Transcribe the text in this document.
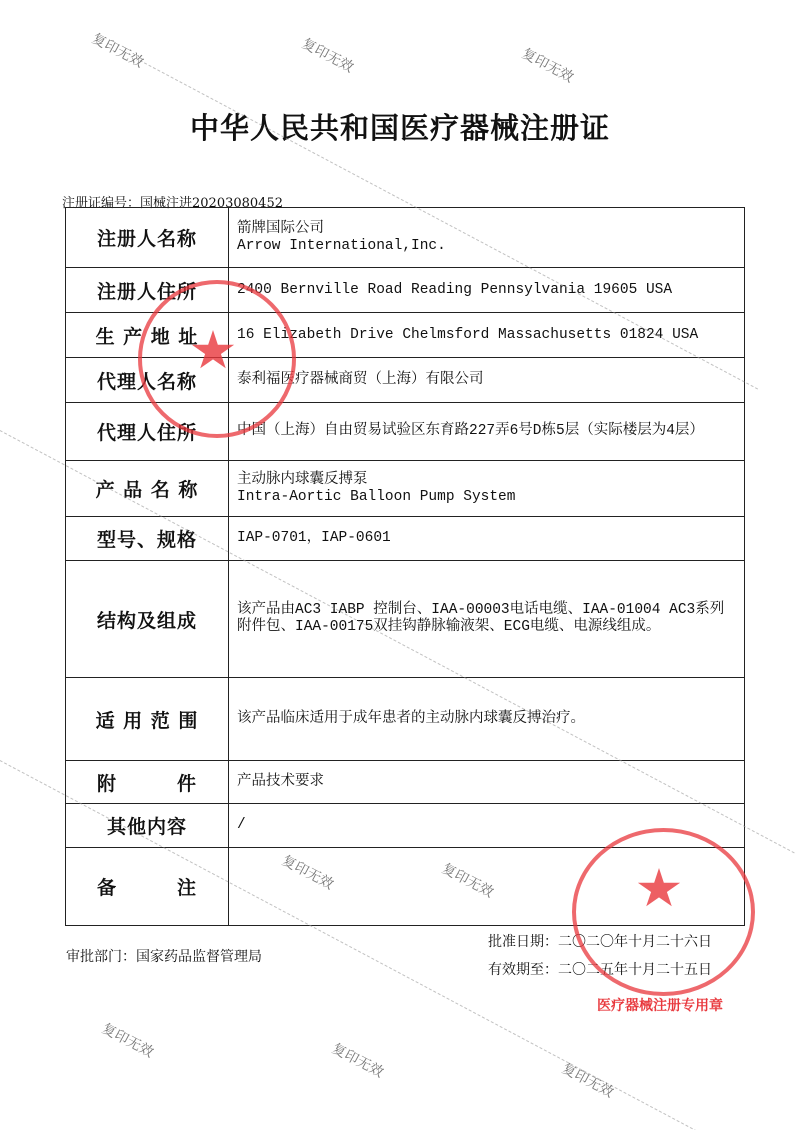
中华人民共和国医疗器械注册证
注册证编号：国械注进20203080452
注册人名称	箭牌国际公司
Arrow International,Inc.

注册人住所	2400 Bernville Road Reading Pennsylvania 19605 USA
生 产 地 址	16 Elizabeth Drive Chelmsford Massachusetts 01824 USA
代理人名称	泰利福医疗器械商贸（上海）有限公司
代理人住所	中国（上海）自由贸易试验区东育路227弄6号D栋5层（实际楼层为4层）
产 品 名 称	主动脉内球囊反搏泵
Intra-Aortic Balloon Pump System

型号、规格	IAP-0701，IAP-0601
结构及组成	该产品由AC3 IABP 控制台、IAA-00003电话电缆、IAA-01004 AC3系列附件包、IAA-00175双挂钩静脉输液架、ECG电缆、电源线组成。
适 用 范 围	该产品临床适用于成年患者的主动脉内球囊反搏治疗。
附　　　件	产品技术要求
其他内容	/
备　　　注	
审批部门：国家药品监督管理局
批准日期：二〇二〇年十月二十六日
有效期至：二〇二五年十月二十五日
复印无效	复印无效
复印无效
复印无效	复印无效
复印无效	复印无效	复印无效
医疗器械注册专用章
